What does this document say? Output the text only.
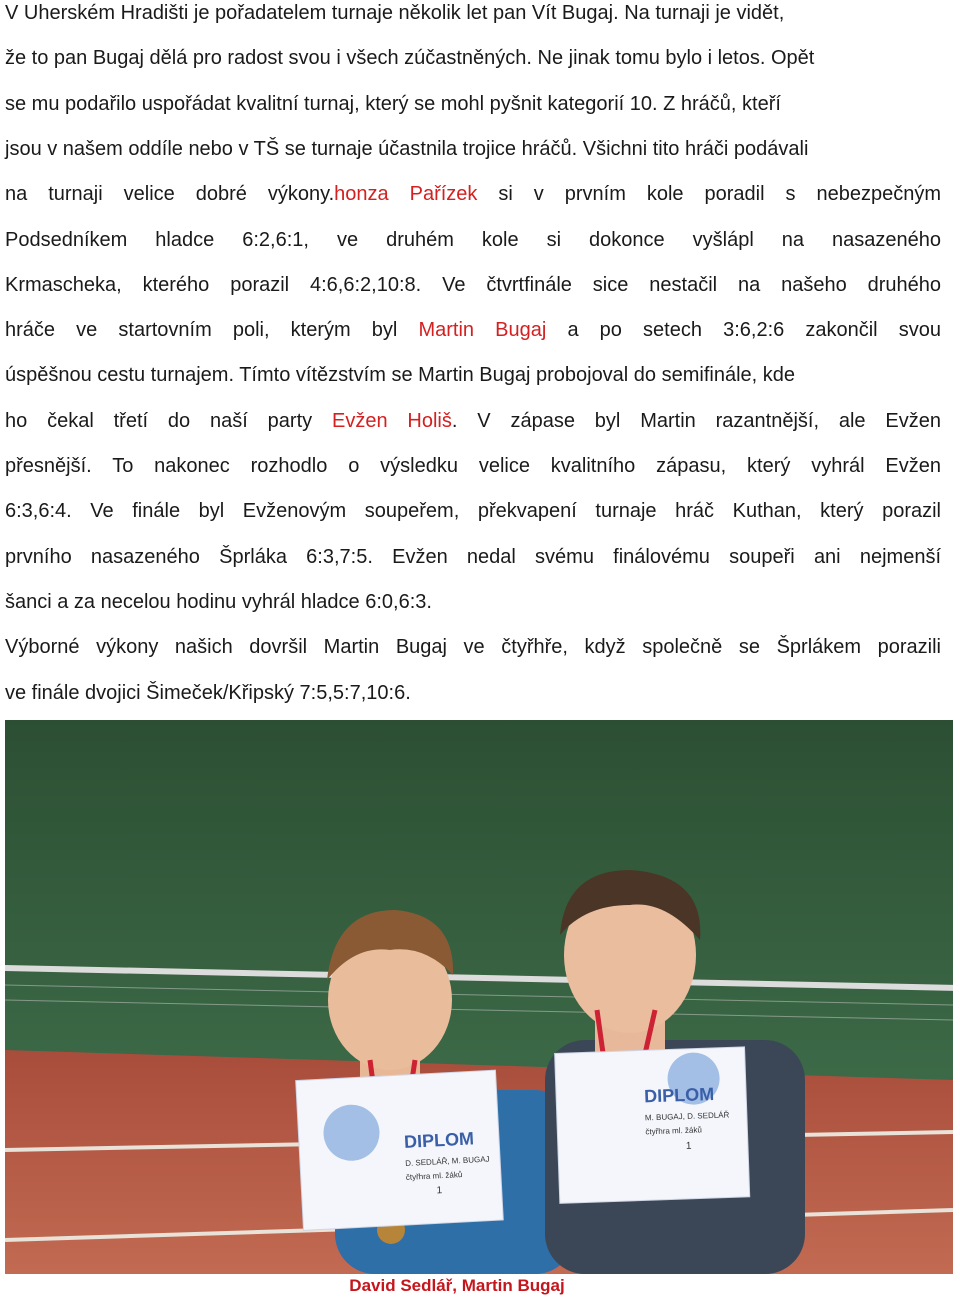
V Uherském Hradišti je pořadatelem turnaje několik let pan Vít Bugaj. Na turnaji je vidět,
že to pan Bugaj dělá pro radost svou i všech zúčastněných. Ne jinak tomu bylo i letos. Opět
se mu podařilo uspořádat kvalitní turnaj, který se mohl pyšnit kategorií 10. Z hráčů, kteří
jsou v našem oddíle nebo v TŠ se turnaje účastnila trojice hráčů. Všichni tito hráči podávali
na turnaji velice dobré výkony.honza Pařízek si v prvním kole poradil s nebezpečným
Podsedníkem hladce 6:2,6:1, ve druhém kole si dokonce vyšlápl na nasazeného
Krmascheka, kterého porazil 4:6,6:2,10:8. Ve čtvrtfinále sice nestačil na našeho druhého
hráče ve startovním poli, kterým byl Martin Bugaj a po setech 3:6,2:6 zakončil svou
úspěšnou cestu turnajem. Tímto vítězstvím se Martin Bugaj probojoval do semifinále, kde
ho čekal třetí do naší party Evžen Holiš. V zápase byl Martin razantnější, ale Evžen
přesnější. To nakonec rozhodlo o výsledku velice kvalitního zápasu, který vyhrál Evžen
6:3,6:4. Ve finále byl Evženovým soupeřem, překvapení turnaje hráč Kuthan, který porazil
prvního nasazeného Šprláka 6:3,7:5. Evžen nedal svému finálovému soupeři ani nejmenší
šanci a za necelou hodinu vyhrál hladce 6:0,6:3.
Výborné výkony našich dovršil Martin Bugaj ve čtyřhře, když společně se Šprlákem porazili
ve finále dvojici Šimeček/Křipský 7:5,5:7,10:6.
DIPLOM
D. SEDLÁŘ, M. BUGAJ
čtyřhra ml. žáků
1
DIPLOM
M. BUGAJ, D. SEDLÁŘ
čtyřhra ml. žáků
1
David Sedlář, Martin Bugaj
